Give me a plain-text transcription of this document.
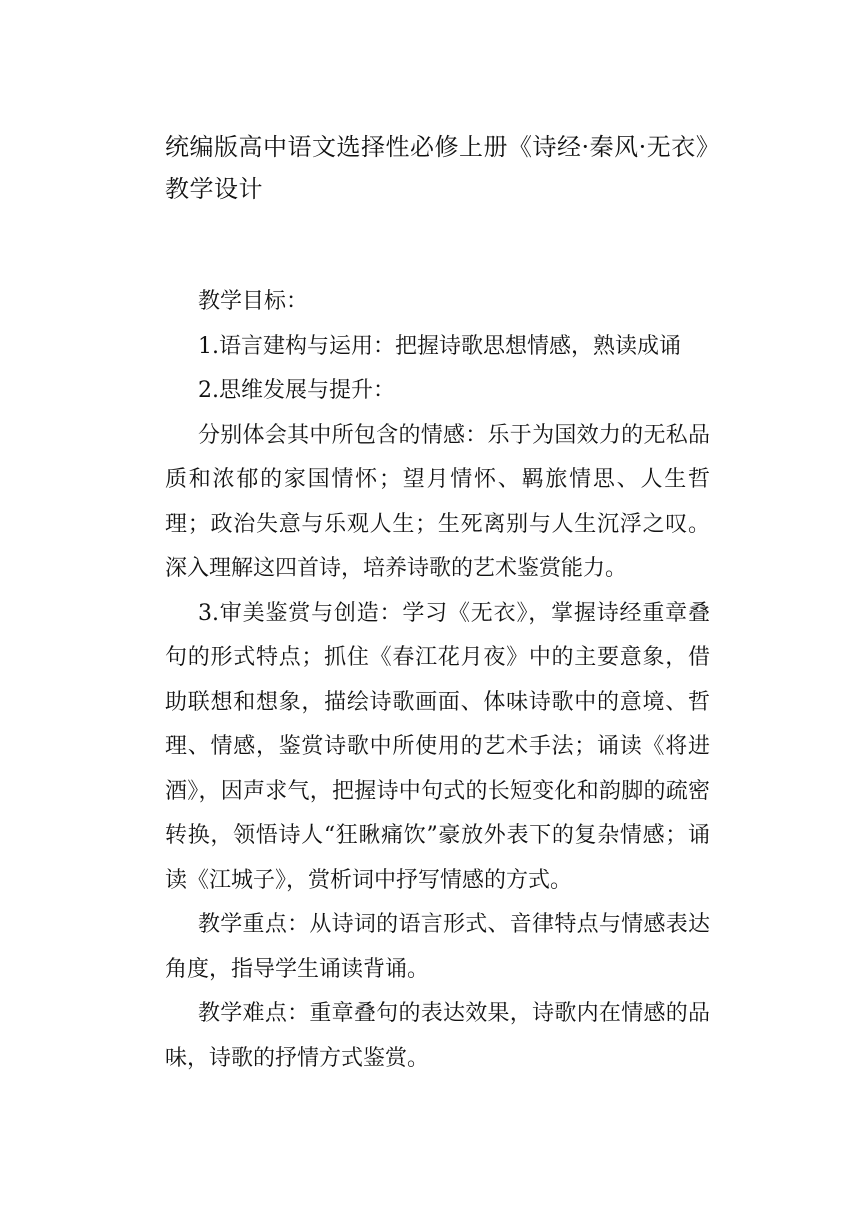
统编版高中语文选择性必修上册《诗经·秦风·无衣》教学设计

教学目标：

1.语言建构与运用：把握诗歌思想情感，熟读成诵

2.思维发展与提升：

分别体会其中所包含的情感：乐于为国效力的无私品质和浓郁的家国情怀；望月情怀、羁旅情思、人生哲理；政治失意与乐观人生；生死离别与人生沉浮之叹。深入理解这四首诗，培养诗歌的艺术鉴赏能力。

3.审美鉴赏与创造：学习《无衣》，掌握诗经重章叠句的形式特点；抓住《春江花月夜》中的主要意象，借助联想和想象，描绘诗歌画面、体味诗歌中的意境、哲理、情感，鉴赏诗歌中所使用的艺术手法；诵读《将进酒》，因声求气，把握诗中句式的长短变化和韵脚的疏密转换，领悟诗人“狂瞅痛饮”豪放外表下的复杂情感；诵读《江城子》，赏析词中抒写情感的方式。

教学重点：从诗词的语言形式、音律特点与情感表达角度，指导学生诵读背诵。

教学难点：重章叠句的表达效果，诗歌内在情感的品味，诗歌的抒情方式鉴赏。
